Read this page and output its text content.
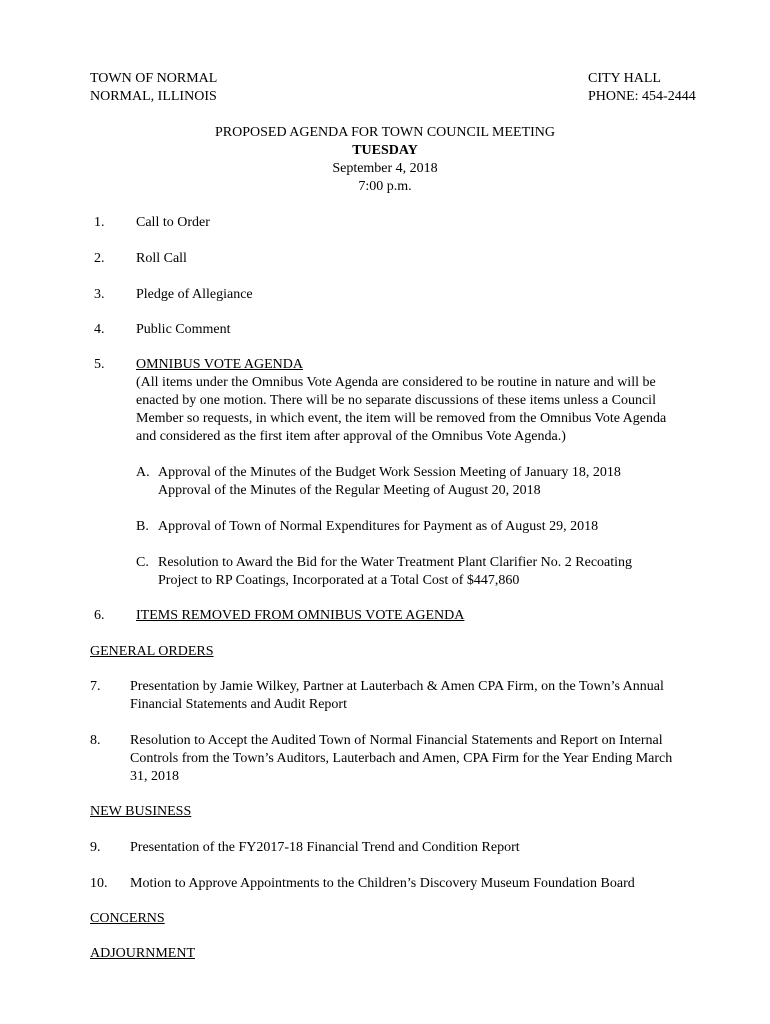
TOWN OF NORMAL
NORMAL, ILLINOIS
CITY HALL
PHONE: 454-2444
PROPOSED AGENDA FOR TOWN COUNCIL MEETING
TUESDAY
September 4, 2018
7:00 p.m.
1. Call to Order
2. Roll Call
3. Pledge of Allegiance
4. Public Comment
5. OMNIBUS VOTE AGENDA
(All items under the Omnibus Vote Agenda are considered to be routine in nature and will be
enacted by one motion. There will be no separate discussions of these items unless a Council
Member so requests, in which event, the item will be removed from the Omnibus Vote Agenda
and considered as the first item after approval of the Omnibus Vote Agenda.)
A. Approval of the Minutes of the Budget Work Session Meeting of January 18, 2018
Approval of the Minutes of the Regular Meeting of August 20, 2018
B. Approval of Town of Normal Expenditures for Payment as of August 29, 2018
C. Resolution to Award the Bid for the Water Treatment Plant Clarifier No. 2 Recoating
Project to RP Coatings, Incorporated at a Total Cost of $447,860
6. ITEMS REMOVED FROM OMNIBUS VOTE AGENDA
GENERAL ORDERS
7. Presentation by Jamie Wilkey, Partner at Lauterbach & Amen CPA Firm, on the Town’s Annual
Financial Statements and Audit Report
8. Resolution to Accept the Audited Town of Normal Financial Statements and Report on Internal
Controls from the Town’s Auditors, Lauterbach and Amen, CPA Firm for the Year Ending March
31, 2018
NEW BUSINESS
9. Presentation of the FY2017-18 Financial Trend and Condition Report
10. Motion to Approve Appointments to the Children’s Discovery Museum Foundation Board
CONCERNS
ADJOURNMENT
